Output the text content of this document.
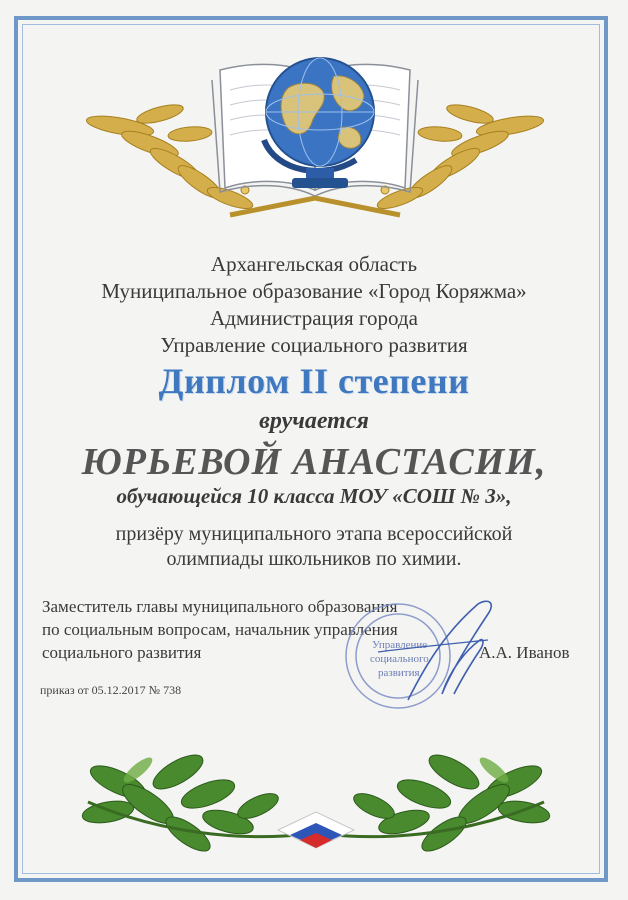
Архангельская область
Муниципальное образование «Город Коряжма»
Администрация города
Управление социального развития
Диплом II степени
вручается
ЮРЬЕВОЙ АНАСТАСИИ,
обучающейся 10 класса МОУ «СОШ № 3»,
призёру муниципального этапа всероссийской
олимпиады школьников по химии.
Заместитель главы муниципального образования
по социальным вопросам, начальник управления
социального развития	А.А. Иванов
Управление
социального
развития
приказ от 05.12.2017 № 738
